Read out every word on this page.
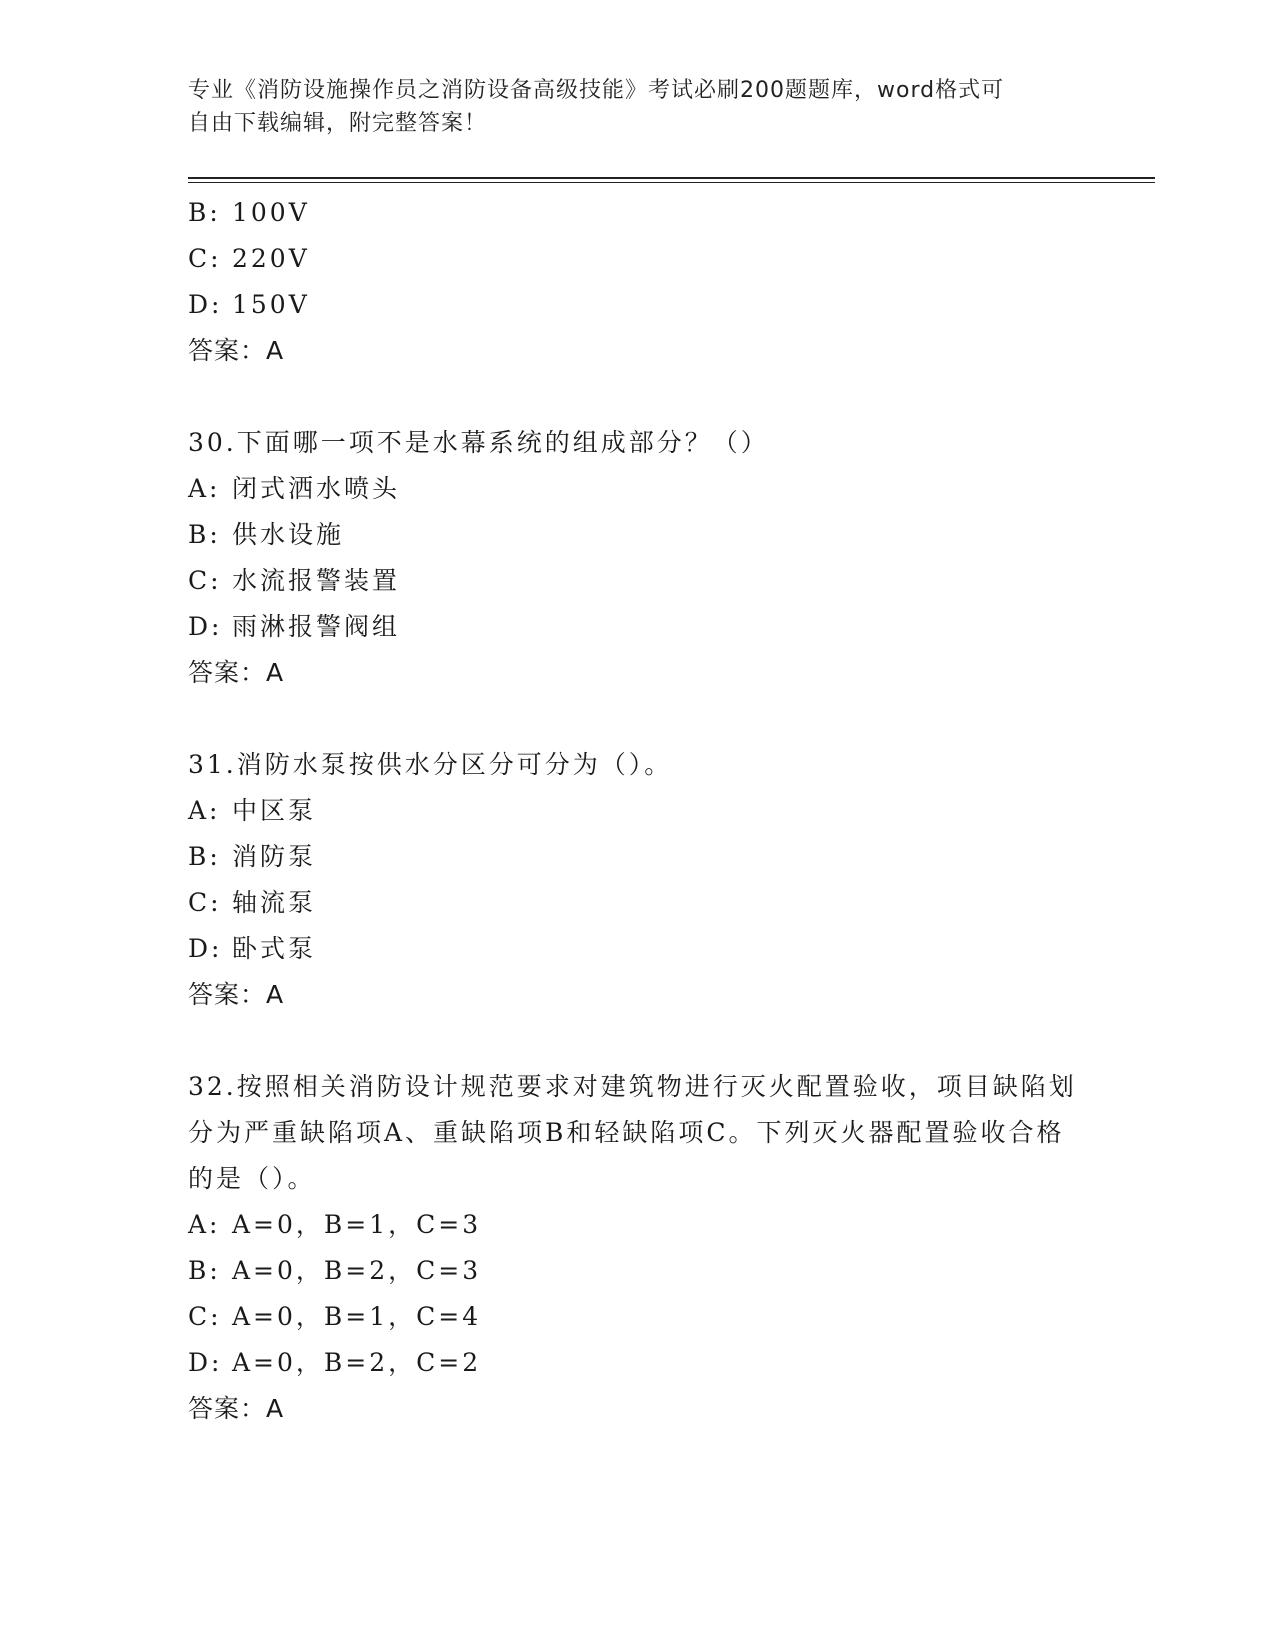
专业《消防设施操作员之消防设备高级技能》考试必刷200题题库，word格式可
自由下载编辑，附完整答案！
B: 100V
C: 220V
D: 150V
答案：A
30.下面哪一项不是水幕系统的组成部分？（）
A: 闭式洒水喷头
B: 供水设施
C: 水流报警装置
D: 雨淋报警阀组
答案：A
31.消防水泵按供水分区分可分为（）。
A: 中区泵
B: 消防泵
C: 轴流泵
D: 卧式泵
答案：A
32.按照相关消防设计规范要求对建筑物进行灭火配置验收，项目缺陷划分为严重缺陷项A、重缺陷项B和轻缺陷项C。下列灭火器配置验收合格的是（）。
A: A=0，B=1，C=3
B: A=0，B=2，C=3
C: A=0，B=1，C=4
D: A=0，B=2，C=2
答案：A
